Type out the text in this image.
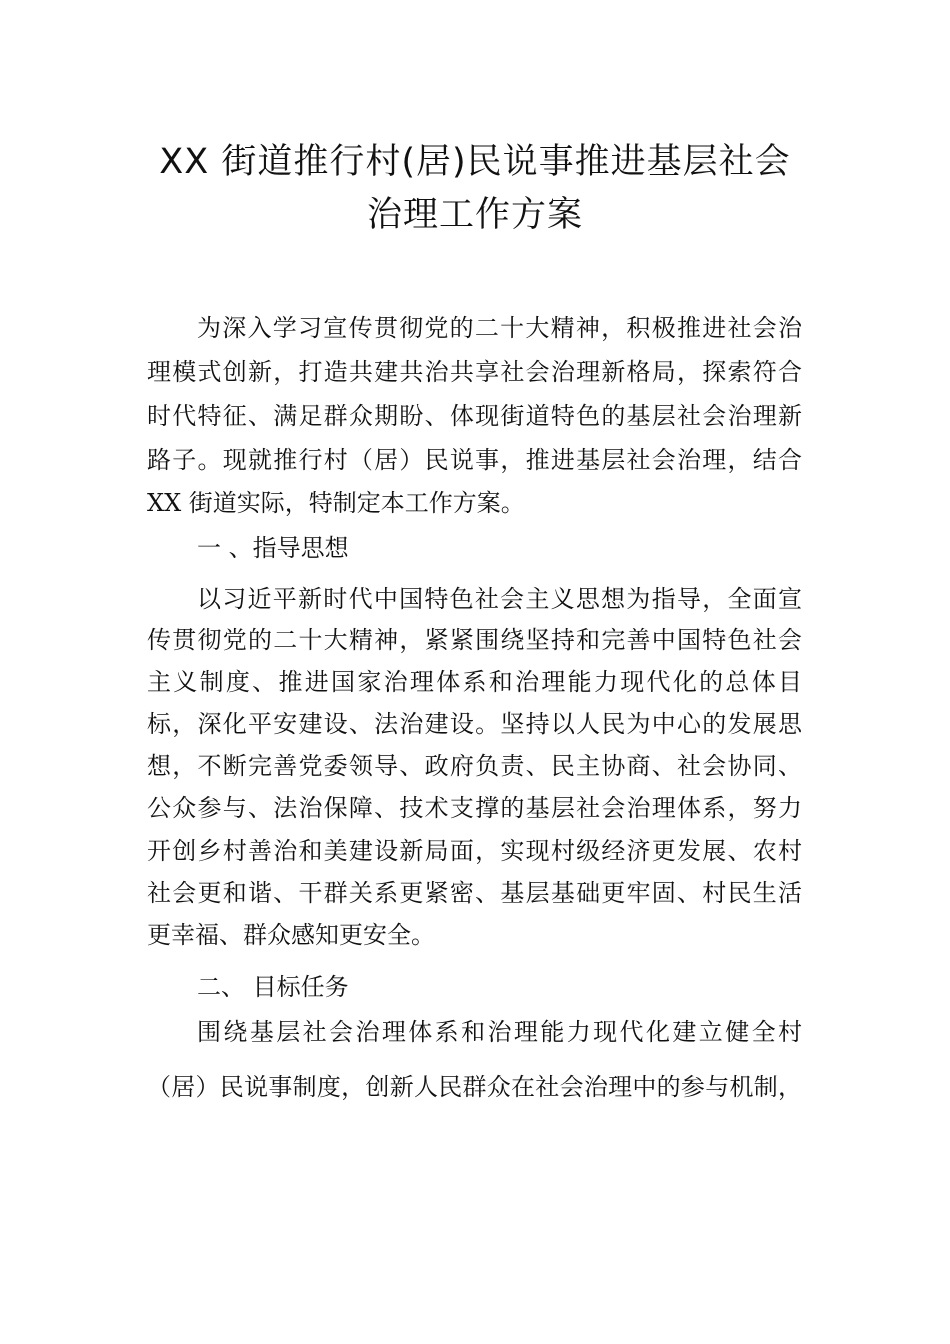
XX 街道推行村(居)民说事推进基层社会
治理工作方案
为深入学习宣传贯彻党的二十大精神，积极推进社会治
理模式创新，打造共建共治共享社会治理新格局，探索符合
时代特征、满足群众期盼、体现街道特色的基层社会治理新
路子。现就推行村（居）民说事，推进基层社会治理，结合
XX 街道实际，特制定本工作方案。
一 、指导思想
以习近平新时代中国特色社会主义思想为指导，全面宣
传贯彻党的二十大精神，紧紧围绕坚持和完善中国特色社会
主义制度、推进国家治理体系和治理能力现代化的总体目
标，深化平安建设、法治建设。坚持以人民为中心的发展思
想，不断完善党委领导、政府负责、民主协商、社会协同、
公众参与、法治保障、技术支撑的基层社会治理体系，努力
开创乡村善治和美建设新局面，实现村级经济更发展、农村
社会更和谐、干群关系更紧密、基层基础更牢固、村民生活
更幸福、群众感知更安全。
二、 目标任务
围绕基层社会治理体系和治理能力现代化建立健全村
（居）民说事制度，创新人民群众在社会治理中的参与机制，
